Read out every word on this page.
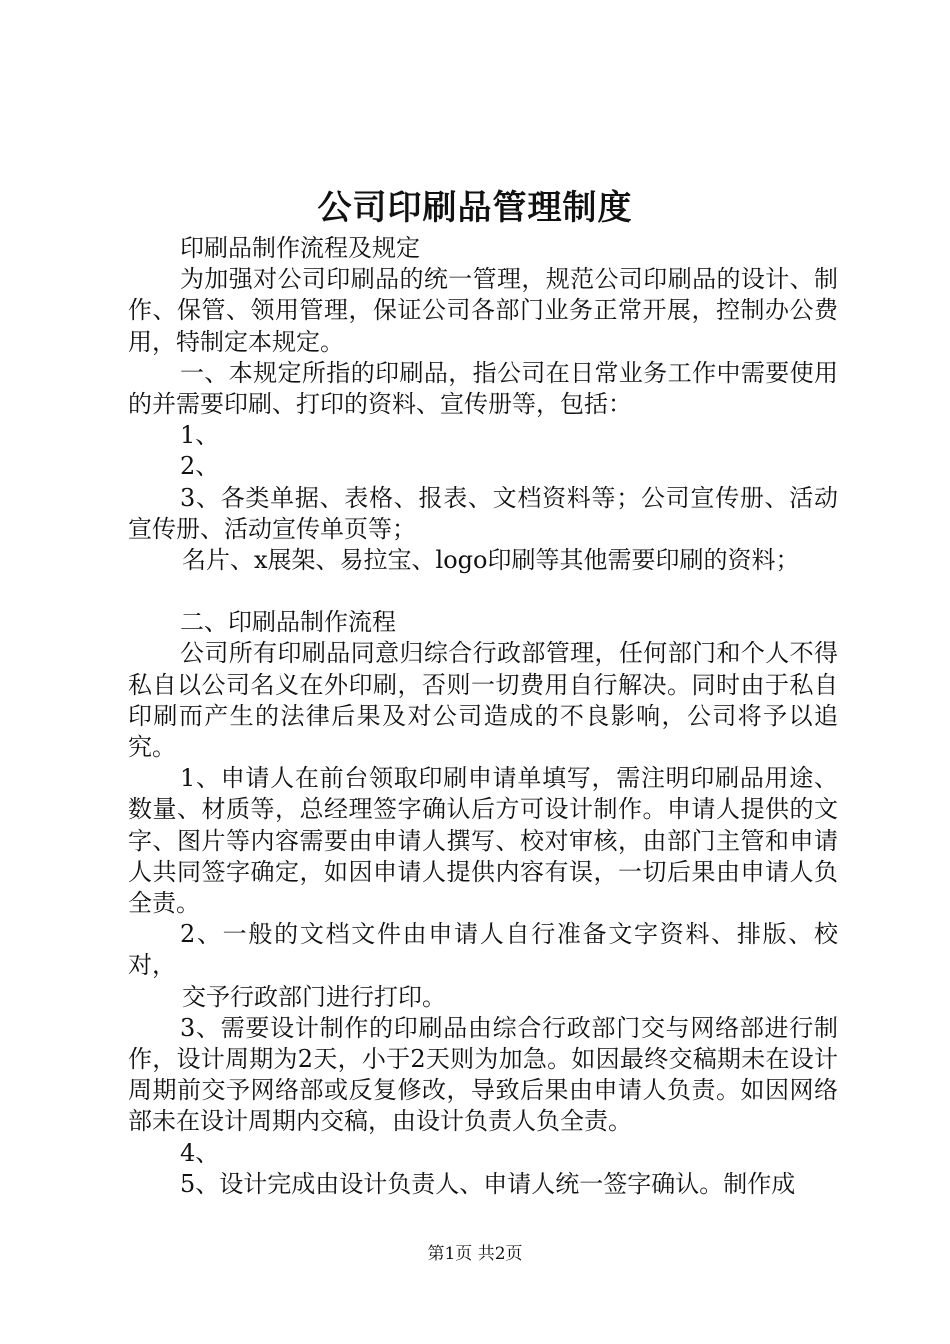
公司印刷品管理制度

印刷品制作流程及规定

为加强对公司印刷品的统一管理，规范公司印刷品的设计、制作、保管、领用管理，保证公司各部门业务正常开展，控制办公费用，特制定本规定。

一、本规定所指的印刷品，指公司在日常业务工作中需要使用的并需要印刷、打印的资料、宣传册等，包括：

1、

2、

3、各类单据、表格、报表、文档资料等；公司宣传册、活动宣传册、活动宣传单页等；

名片、x展架、易拉宝、logo印刷等其他需要印刷的资料；

二、印刷品制作流程

公司所有印刷品同意归综合行政部管理，任何部门和个人不得私自以公司名义在外印刷，否则一切费用自行解决。同时由于私自印刷而产生的法律后果及对公司造成的不良影响，公司将予以追究。

1、申请人在前台领取印刷申请单填写，需注明印刷品用途、数量、材质等，总经理签字确认后方可设计制作。申请人提供的文字、图片等内容需要由申请人撰写、校对审核，由部门主管和申请人共同签字确定，如因申请人提供内容有误，一切后果由申请人负全责。

2、一般的文档文件由申请人自行准备文字资料、排版、校对，

交予行政部门进行打印。

3、需要设计制作的印刷品由综合行政部门交与网络部进行制作，设计周期为2天，小于2天则为加急。如因最终交稿期未在设计周期前交予网络部或反复修改，导致后果由申请人负责。如因网络部未在设计周期内交稿，由设计负责人负全责。

4、

5、设计完成由设计负责人、申请人统一签字确认。制作成

第1页 共2页
